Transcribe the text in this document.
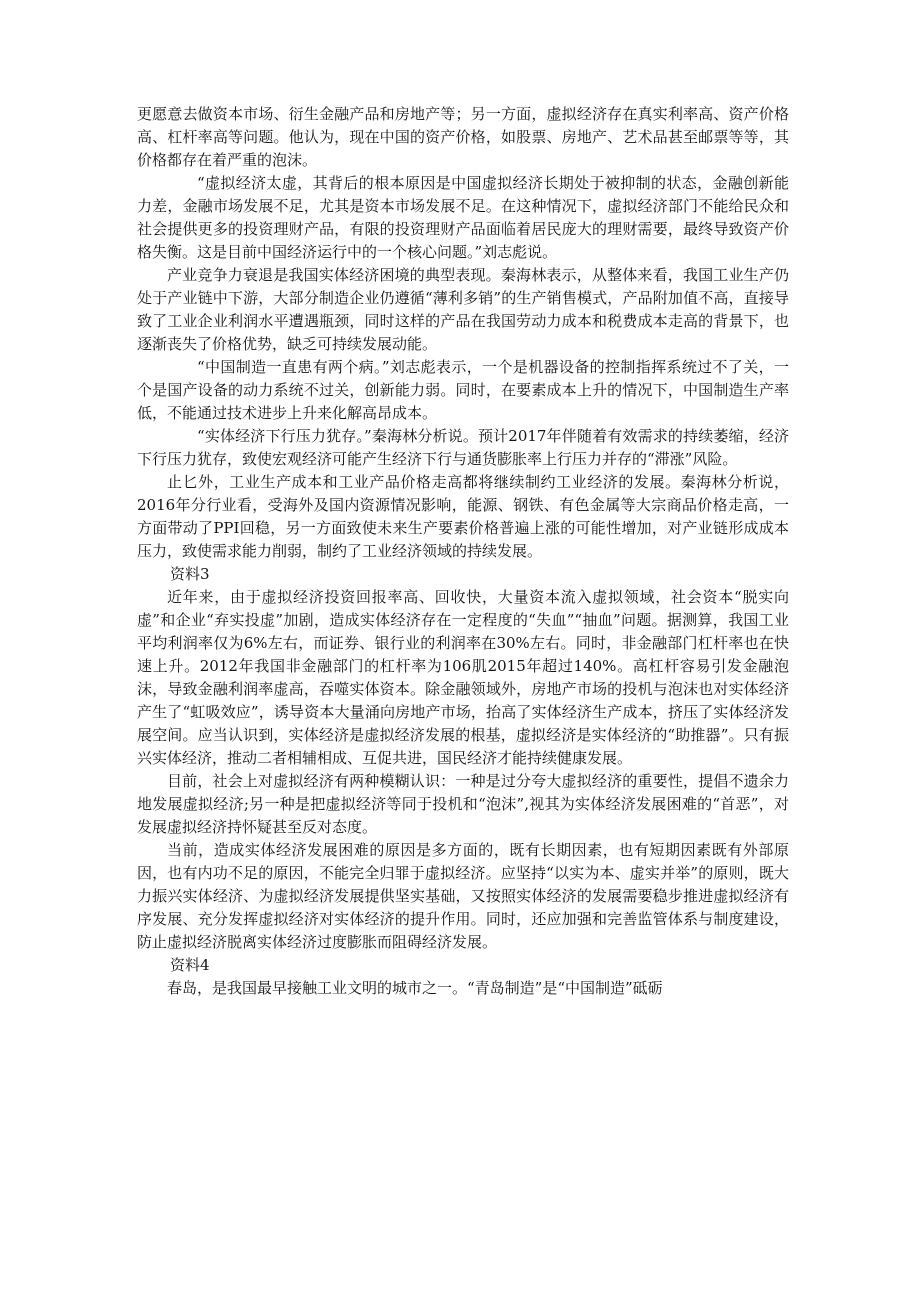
更愿意去做资本市场、衍生金融产品和房地产等；另一方面，虚拟经济存在真实利率高、资产价格高、杠杆率高等问题。他认为，现在中国的资产价格，如股票、房地产、艺术品甚至邮票等等，其价格都存在着严重的泡沫。

“虚拟经济太虚，其背后的根本原因是中国虚拟经济长期处于被抑制的状态，金融创新能力差，金融市场发展不足，尤其是资本市场发展不足。在这种情况下，虚拟经济部门不能给民众和社会提供更多的投资理财产品，有限的投资理财产品面临着居民庞大的理财需要，最终导致资产价格失衡。这是目前中国经济运行中的一个核心问题。”刘志彪说。

产业竞争力衰退是我国实体经济困境的典型表现。秦海林表示，从整体来看，我国工业生产仍处于产业链中下游，大部分制造企业仍遵循“薄利多销”的生产销售模式，产品附加值不高，直接导致了工业企业利润水平遭遇瓶颈，同时这样的产品在我国劳动力成本和税费成本走高的背景下，也逐渐丧失了价格优势，缺乏可持续发展动能。

“中国制造一直患有两个病。”刘志彪表示，一个是机器设备的控制指挥系统过不了关，一个是国产设备的动力系统不过关，创新能力弱。同时，在要素成本上升的情况下，中国制造生产率低，不能通过技术进步上升来化解高昂成本。

“实体经济下行压力犹存。”秦海林分析说。预计2017年伴随着有效需求的持续萎缩，经济下行压力犹存，致使宏观经济可能产生经济下行与通货膨胀率上行压力并存的“滞涨”风险。

止匕外，工业生产成本和工业产品价格走高都将继续制约工业经济的发展。秦海林分析说，2016年分行业看，受海外及国内资源情况影响，能源、钢铁、有色金属等大宗商品价格走高，一方面带动了PPI回稳，另一方面致使未来生产要素价格普遍上涨的可能性增加，对产业链形成成本压力，致使需求能力削弱，制约了工业经济领域的持续发展。

资料3

近年来，由于虚拟经济投资回报率高、回收快，大量资本流入虚拟领域，社会资本“脱实向虚”和企业“弃实投虚”加剧，造成实体经济存在一定程度的“失血”“抽血”问题。据测算，我国工业平均利润率仅为6%左右，而证券、银行业的利润率在30%左右。同时，非金融部门杠杆率也在快速上升。2012年我国非金融部门的杠杆率为106肌2015年超过140%。高杠杆容易引发金融泡沫，导致金融利润率虚高，吞噬实体资本。除金融领域外，房地产市场的投机与泡沫也对实体经济产生了“虹吸效应”，诱导资本大量涌向房地产市场，抬高了实体经济生产成本，挤压了实体经济发展空间。应当认识到，实体经济是虚拟经济发展的根基，虚拟经济是实体经济的“助推器”。只有振兴实体经济，推动二者相辅相成、互促共进，国民经济才能持续健康发展。

目前，社会上对虚拟经济有两种模糊认识：一种是过分夸大虚拟经济的重要性，提倡不遗余力地发展虚拟经济;另一种是把虚拟经济等同于投机和“泡沫”,视其为实体经济发展困难的“首恶”，对发展虚拟经济持怀疑甚至反对态度。

当前，造成实体经济发展困难的原因是多方面的，既有长期因素，也有短期因素既有外部原因，也有内功不足的原因，不能完全归罪于虚拟经济。应坚持“以实为本、虚实并举”的原则，既大力振兴实体经济、为虚拟经济发展提供坚实基础，又按照实体经济的发展需要稳步推进虚拟经济有序发展、充分发挥虚拟经济对实体经济的提升作用。同时，还应加强和完善监管体系与制度建设，防止虚拟经济脱离实体经济过度膨胀而阻碍经济发展。

资料4

春岛，是我国最早接触工业文明的城市之一。“青岛制造”是“中国制造”砥砺
